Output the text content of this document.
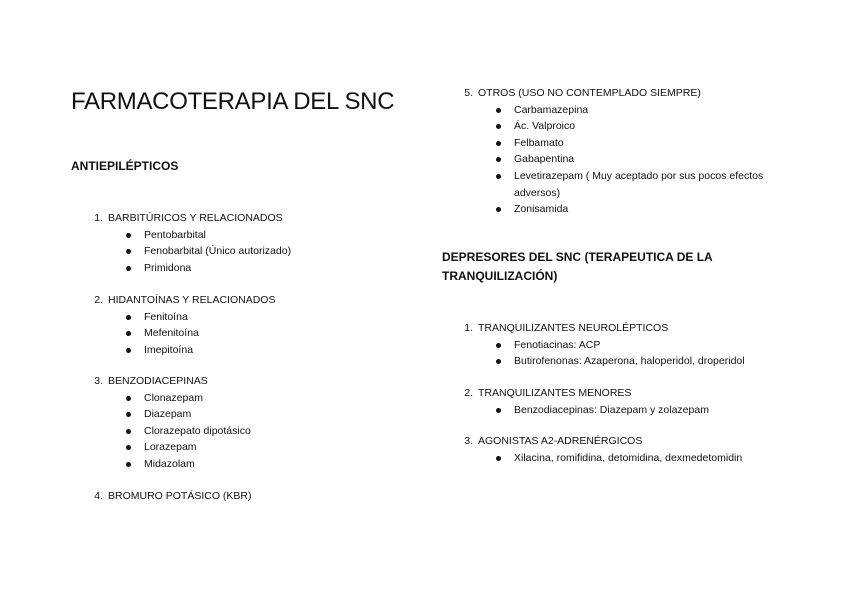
FARMACOTERAPIA DEL SNC
ANTIEPILÉPTICOS
1. BARBITÚRICOS Y RELACIONADOS
Pentobarbital
Fenobarbital (Único autorizado)
Primidona
2. HIDANTOÍNAS Y RELACIONADOS
Fenitoína
Mefenitoína
Imepitoína
3. BENZODIACEPINAS
Clonazepam
Diazepam
Clorazepato dipotásico
Lorazepam
Midazolam
4. BROMURO POTÁSICO (KBR)
5. OTROS (USO NO CONTEMPLADO SIEMPRE)
Carbamazepina
Ác. Valproico
Felbamato
Gabapentina
Levetirazepam ( Muy aceptado por sus pocos efectos adversos)
Zonisamida
DEPRESORES DEL SNC (TERAPEUTICA DE LA TRANQUILIZACIÓN)
1. TRANQUILIZANTES NEUROLÉPTICOS
Fenotiacinas: ACP
Butirofenonas: Azaperona, haloperidol, droperidol
2. TRANQUILIZANTES MENORES
Benzodiacepinas: Diazepam y zolazepam
3. AGONISTAS A2-ADRENÉRGICOS
Xilacina, romifidina, detomidina, dexmedetomidin
